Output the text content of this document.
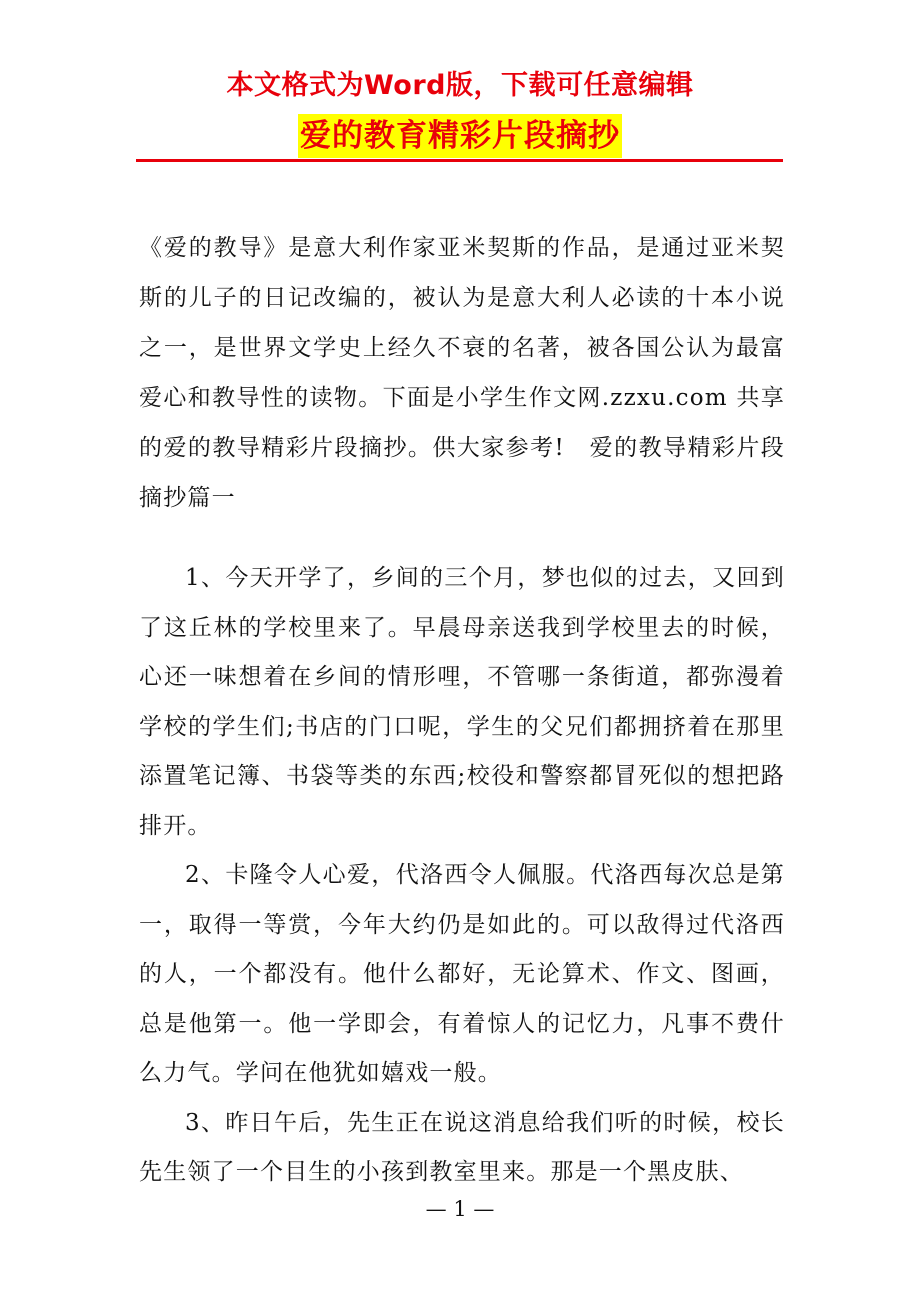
本文格式为Word版，下载可任意编辑
爱的教育精彩片段摘抄

《爱的教导》是意大利作家亚米契斯的作品，是通过亚米契斯的儿子的日记改编的，被认为是意大利人必读的十本小说之一，是世界文学史上经久不衰的名著，被各国公认为最富爱心和教导性的读物。下面是小学生作文网.zzxu.com 共享的爱的教导精彩片段摘抄。供大家参考!　爱的教导精彩片段摘抄篇一

1、今天开学了，乡间的三个月，梦也似的过去，又回到了这丘林的学校里来了。早晨母亲送我到学校里去的时候，心还一味想着在乡间的情形哩，不管哪一条街道，都弥漫着学校的学生们;书店的门口呢，学生的父兄们都拥挤着在那里添置笔记簿、书袋等类的东西;校役和警察都冒死似的想把路排开。

2、卡隆令人心爱，代洛西令人佩服。代洛西每次总是第一，取得一等赏，今年大约仍是如此的。可以敌得过代洛西的人，一个都没有。他什么都好，无论算术、作文、图画，总是他第一。他一学即会，有着惊人的记忆力，凡事不费什么力气。学问在他犹如嬉戏一般。

3、昨日午后，先生正在说这消息给我们听的时候，校长先生领了一个目生的小孩到教室里来。那是一个黑皮肤、

— 1 —
